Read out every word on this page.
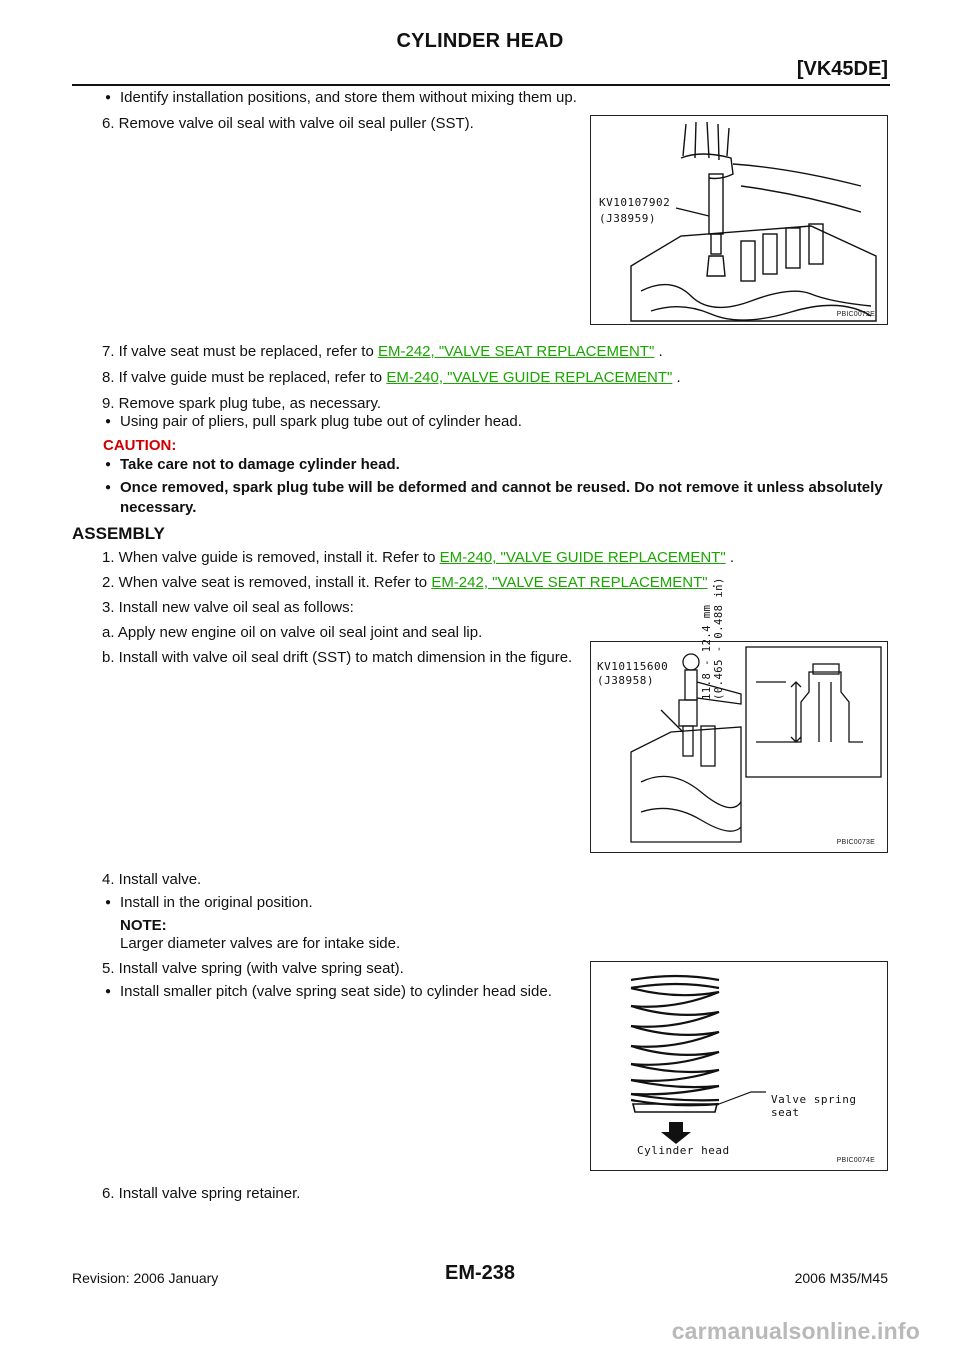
CYLINDER HEAD
[VK45DE]
● Identify installation positions, and store them without mixing them up.
6. Remove valve oil seal with valve oil seal puller (SST).
KV10107902
(J38959)
PBIC0072E
7. If valve seat must be replaced, refer to EM-242, "VALVE SEAT REPLACEMENT" .
8. If valve guide must be replaced, refer to EM-240, "VALVE GUIDE REPLACEMENT" .
9. Remove spark plug tube, as necessary.
● Using pair of pliers, pull spark plug tube out of cylinder head.
CAUTION:
● Take care not to damage cylinder head.
● Once removed, spark plug tube will be deformed and cannot be reused. Do not remove it unless absolutely necessary.
ASSEMBLY
1. When valve guide is removed, install it. Refer to EM-240, "VALVE GUIDE REPLACEMENT" .
2. When valve seat is removed, install it. Refer to EM-242, "VALVE SEAT REPLACEMENT" .
3. Install new valve oil seal as follows:
a. Apply new engine oil on valve oil seal joint and seal lip.
b. Install with valve oil seal drift (SST) to match dimension in the figure.
KV10115600
(J38958)	11.8 - 12.4 mm (0.465 - 0.488 in)
PBIC0073E
4. Install valve.
● Install in the original position.
NOTE:
Larger diameter valves are for intake side.
5. Install valve spring (with valve spring seat).
● Install smaller pitch (valve spring seat side) to cylinder head side.
Valve spring seat
Cylinder head
PBIC0074E
6. Install valve spring retainer.
EM-238
Revision: 2006 January	2006 M35/M45
carmanualsonline.info
